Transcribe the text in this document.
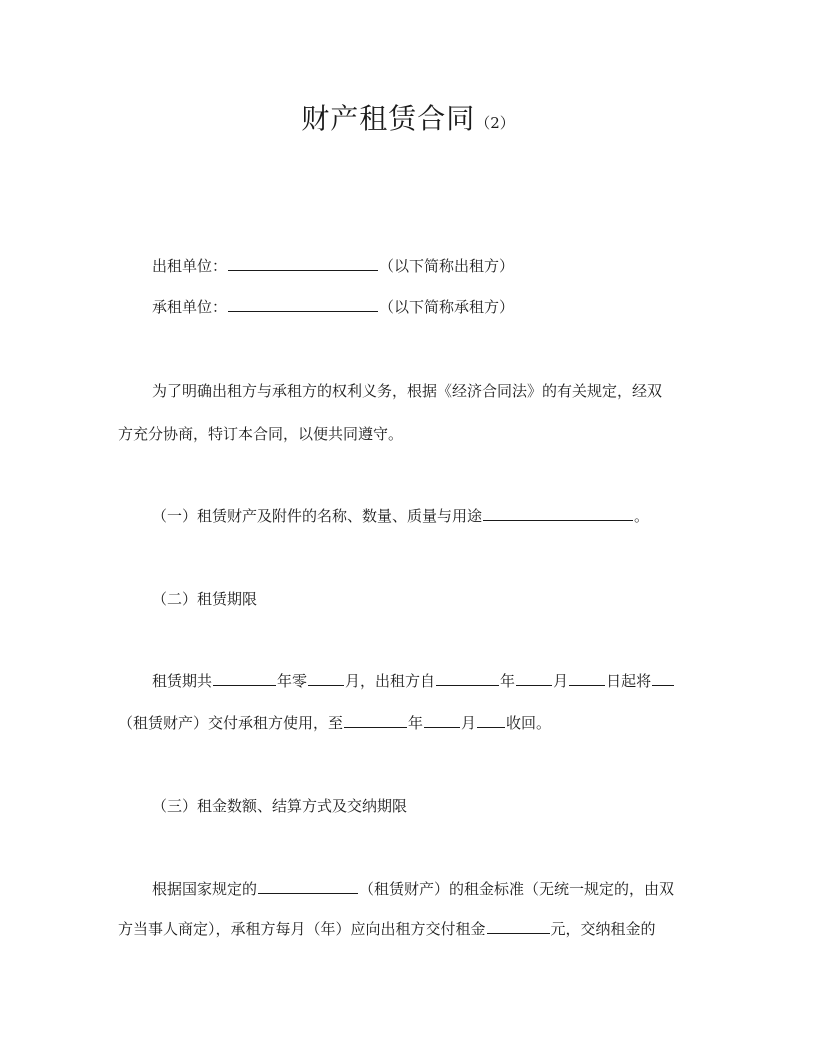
财产租赁合同（2）
出租单位：	（以下简称出租方）
承租单位：	（以下简称承租方）
为了明确出租方与承租方的权利义务，根据《经济合同法》的有关规定，经双
方充分协商，特订本合同，以便共同遵守。
（一）租赁财产及附件的名称、数量、质量与用途	。
（二）租赁期限
租赁期共	年零	月，出租方自	年	月	日起将
（租赁财产）交付承租方使用，至	年	月 收回。
（三）租金数额、结算方式及交纳期限
根据国家规定的	（租赁财产）的租金标准（无统一规定的，由双
方当事人商定），承租方每月（年）应向出租方交付租金	元，交纳租金的
